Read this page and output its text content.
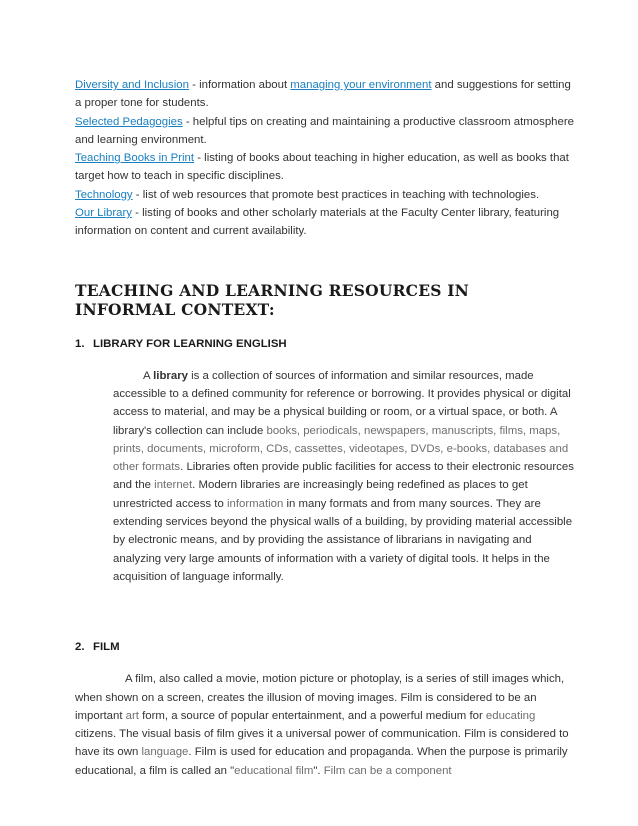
Diversity and Inclusion - information about managing your environment and suggestions for setting a proper tone for students.

Selected Pedagogies - helpful tips on creating and maintaining a productive classroom atmosphere and learning environment.

Teaching Books in Print - listing of books about teaching in higher education, as well as books that target how to teach in specific disciplines.

Technology - list of web resources that promote best practices in teaching with technologies.

Our Library - listing of books and other scholarly materials at the Faculty Center library, featuring information on content and current availability.

TEACHING AND LEARNING RESOURCES IN INFORMAL CONTEXT:
1. LIBRARY FOR LEARNING ENGLISH

A library is a collection of sources of information and similar resources, made accessible to a defined community for reference or borrowing. It provides physical or digital access to material, and may be a physical building or room, or a virtual space, or both. A library's collection can include books, periodicals, newspapers, manuscripts, films, maps, prints, documents, microform, CDs, cassettes, videotapes, DVDs, e-books, databases and other formats. Libraries often provide public facilities for access to their electronic resources and the internet. Modern libraries are increasingly being redefined as places to get unrestricted access to information in many formats and from many sources. They are extending services beyond the physical walls of a building, by providing material accessible by electronic means, and by providing the assistance of librarians in navigating and analyzing very large amounts of information with a variety of digital tools. It helps in the acquisition of language informally.

2. FILM

A film, also called a movie, motion picture or photoplay, is a series of still images which, when shown on a screen, creates the illusion of moving images. Film is considered to be an important art form, a source of popular entertainment, and a powerful medium for educating citizens. The visual basis of film gives it a universal power of communication. Film is considered to have its own language. Film is used for education and propaganda. When the purpose is primarily educational, a film is called an "educational film". Film can be a component
